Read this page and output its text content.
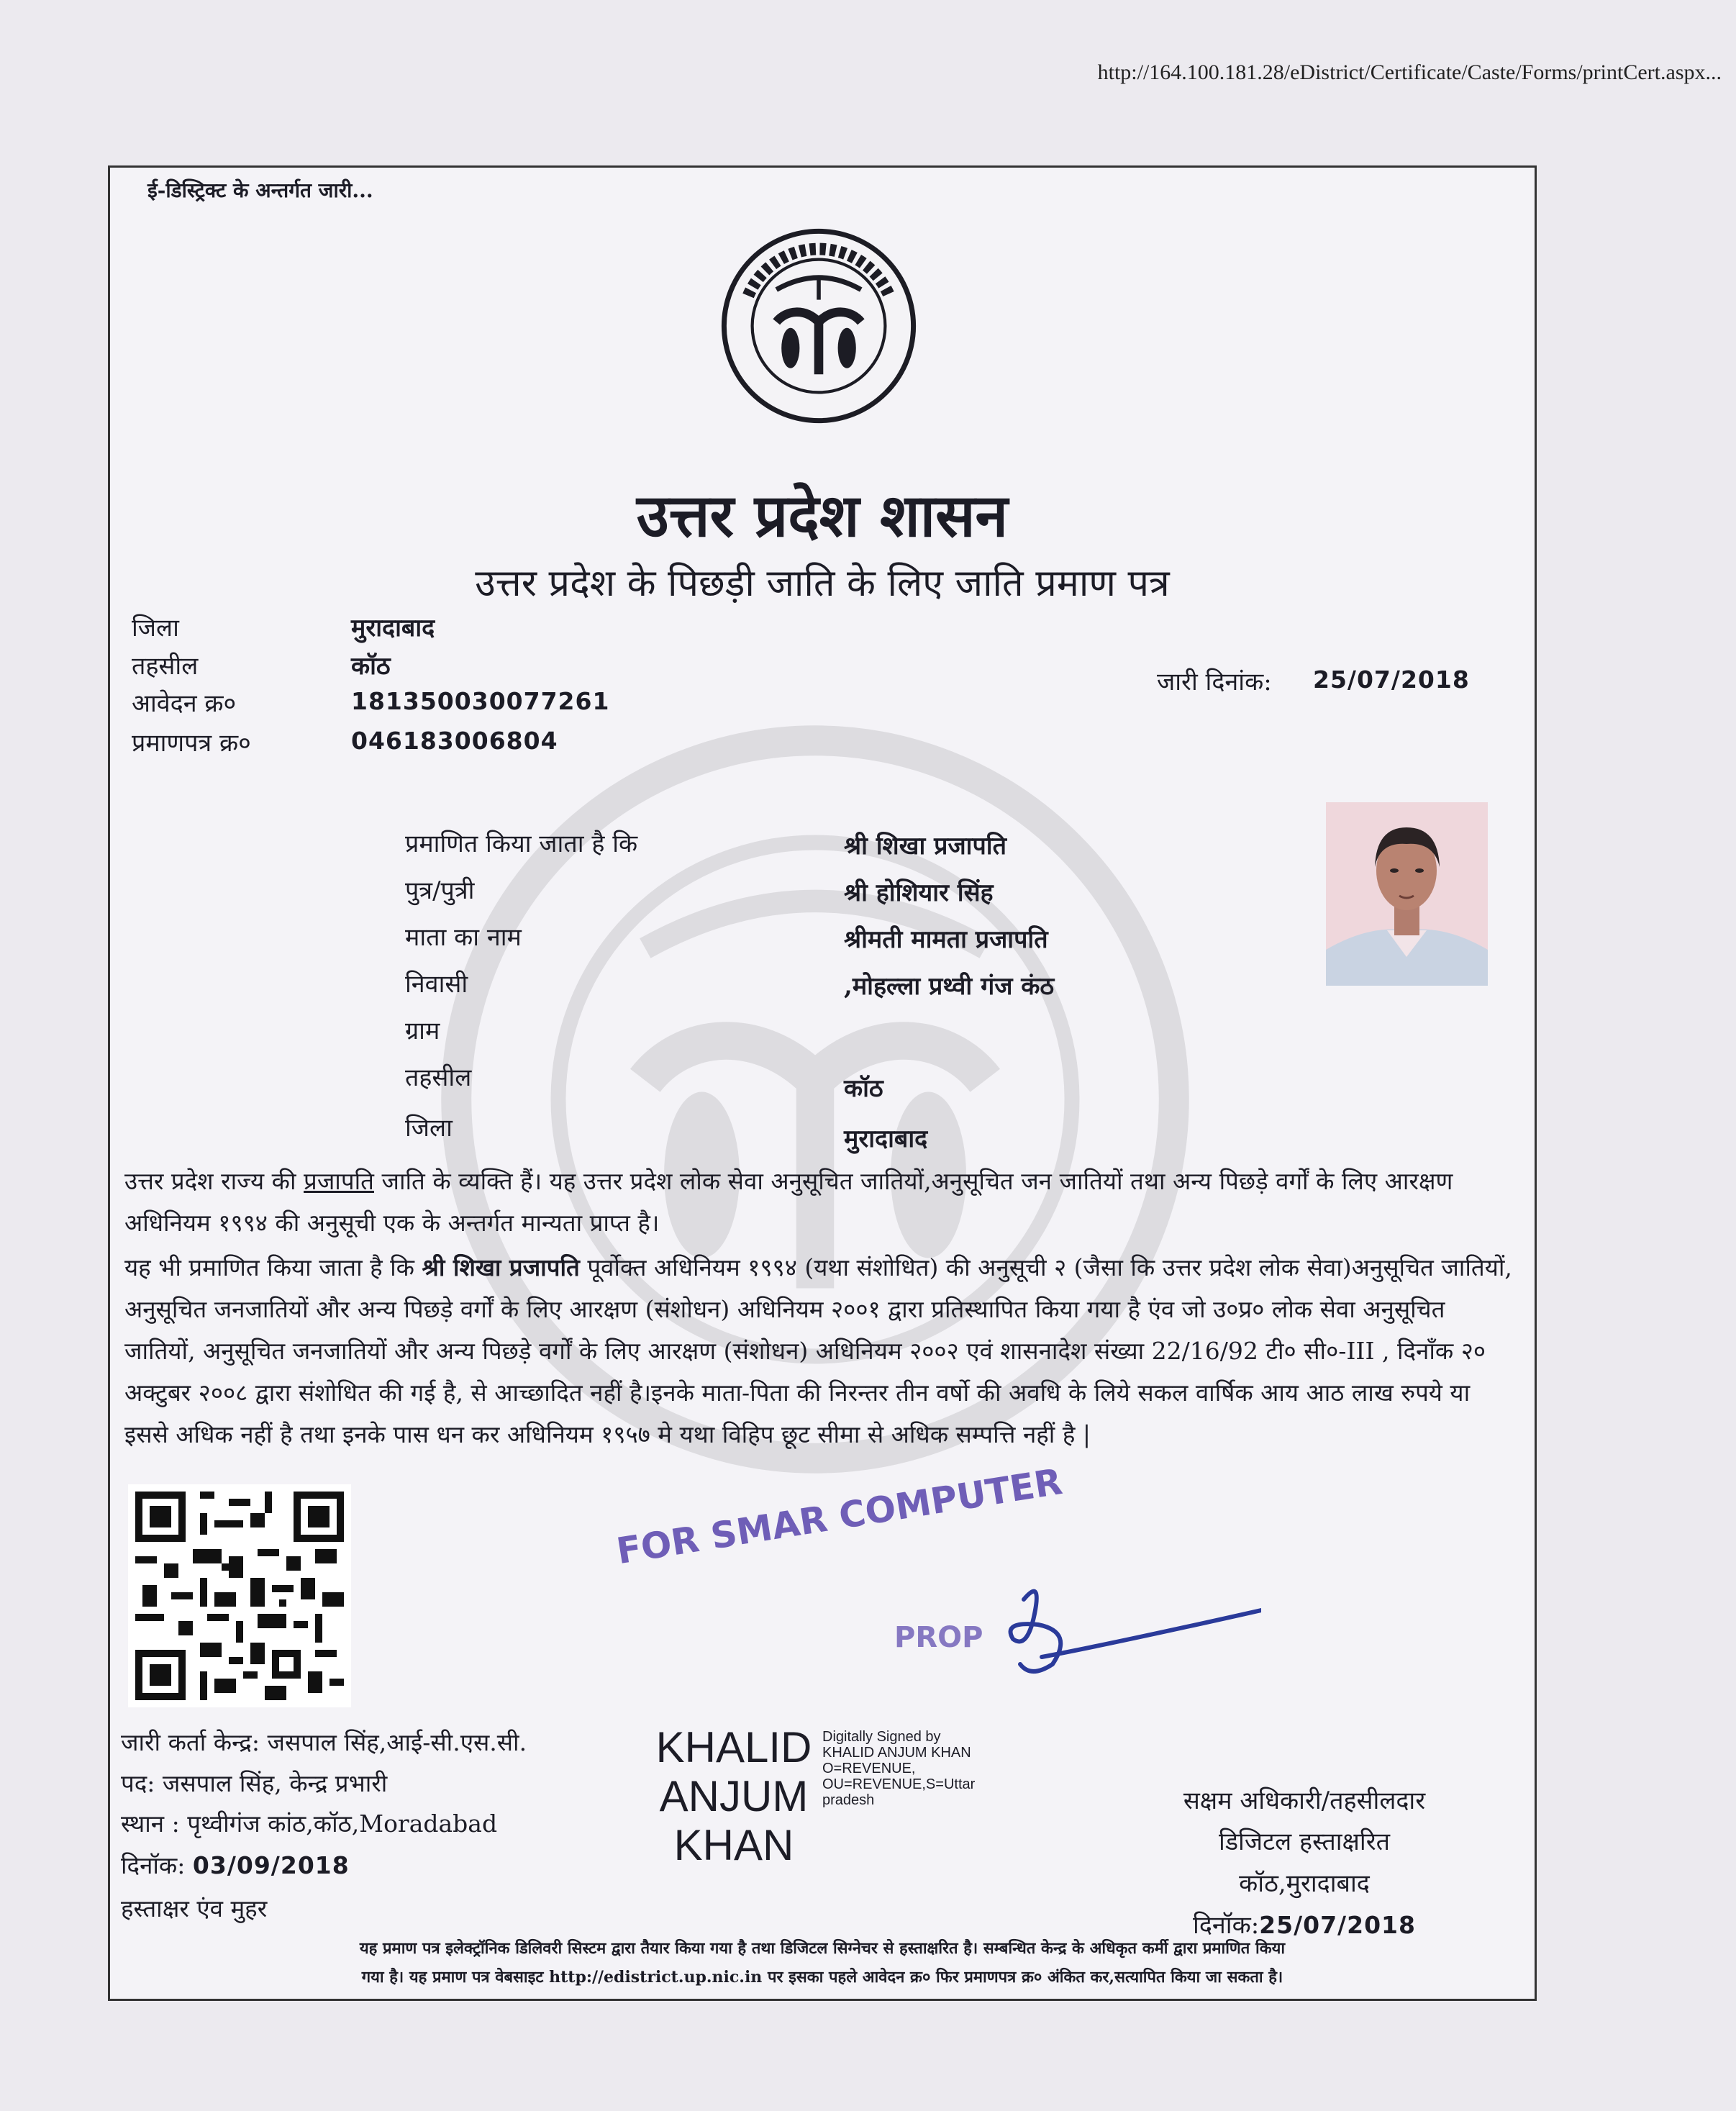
http://164.100.181.28/eDistrict/Certificate/Caste/Forms/printCert.aspx...
ई-डिस्ट्रिक्ट के अन्तर्गत जारी...
उत्तर प्रदेश शासन
उत्तर प्रदेश के पिछड़ी जाति के लिए जाति प्रमाण पत्र
जिला	मुरादाबाद
तहसील	कॉठ
आवेदन क्र०	181350030077261
प्रमाणपत्र क्र०	046183006804
जारी दिनांक: 25/07/2018
प्रमाणित किया जाता है कि	श्री शिखा प्रजापति
पुत्र/पुत्री	श्री होशियार सिंह
माता का नाम	श्रीमती मामता प्रजापति
निवासी	,मोहल्ला प्रथ्वी गंज कंठ
ग्राम
तहसील	कॉठ
जिला	मुरादाबाद
उत्तर प्रदेश राज्य की प्रजापति जाति के व्यक्ति हैं। यह उत्तर प्रदेश लोक सेवा अनुसूचित जातियों,अनुसूचित जन जातियों तथा अन्य पिछड़े वर्गों के लिए आरक्षण अधिनियम १९९४ की अनुसूची एक के अन्तर्गत मान्यता प्राप्त है।
यह भी प्रमाणित किया जाता है कि श्री शिखा प्रजापति पूर्वोक्त अधिनियम १९९४ (यथा संशोधित) की अनुसूची २ (जैसा कि उत्तर प्रदेश लोक सेवा)अनुसूचित जातियों, अनुसूचित जनजातियों और अन्य पिछड़े वर्गों के लिए आरक्षण (संशोधन) अधिनियम २००१ द्वारा प्रतिस्थापित किया गया है एंव जो उ०प्र० लोक सेवा अनुसूचित जातियों, अनुसूचित जनजातियों और अन्य पिछड़े वर्गों के लिए आरक्षण (संशोधन) अधिनियम २००२ एवं शासनादेश संख्या 22/16/92 टी० सी०-III , दिनाँक २० अक्टुबर २००८ द्वारा संशोधित की गई है, से आच्छादित नहीं है।इनके माता-पिता की निरन्तर तीन वर्षो की अवधि के लिये सकल वार्षिक आय आठ लाख रुपये या इससे अधिक नहीं है तथा इनके पास धन कर अधिनियम १९५७ मे यथा विहिप छूट सीमा से अधिक सम्पत्ति नहीं है |
FOR SMAR COMPUTER
PROP
जारी कर्ता केन्द्र: जसपाल सिंह,आई-सी.एस.सी.
पद: जसपाल सिंह, केन्द्र प्रभारी
स्थान : पृथ्वीगंज कांठ,कॉठ,Moradabad
दिनॉक: 03/09/2018
हस्ताक्षर एंव मुहर
KHALID
ANJUM
KHAN
Digitally Signed by
KHALID ANJUM KHAN
O=REVENUE,
OU=REVENUE,S=Uttar
pradesh	सक्षम अधिकारी/तहसीलदार
डिजिटल हस्ताक्षरित
कॉठ,मुरादाबाद
दिनॉक:25/07/2018
यह प्रमाण पत्र इलेक्ट्रॉनिक डिलिवरी सिस्टम द्वारा तैयार किया गया है तथा डिजिटल सिग्नेचर से हस्ताक्षरित है। सम्बन्धित केन्द्र के अधिकृत कर्मी द्वारा प्रमाणित किया
गया है। यह प्रमाण पत्र वेबसाइट http://edistrict.up.nic.in पर इसका पहले आवेदन क्र० फिर प्रमाणपत्र क्र० अंकित कर,सत्यापित किया जा सकता है।
